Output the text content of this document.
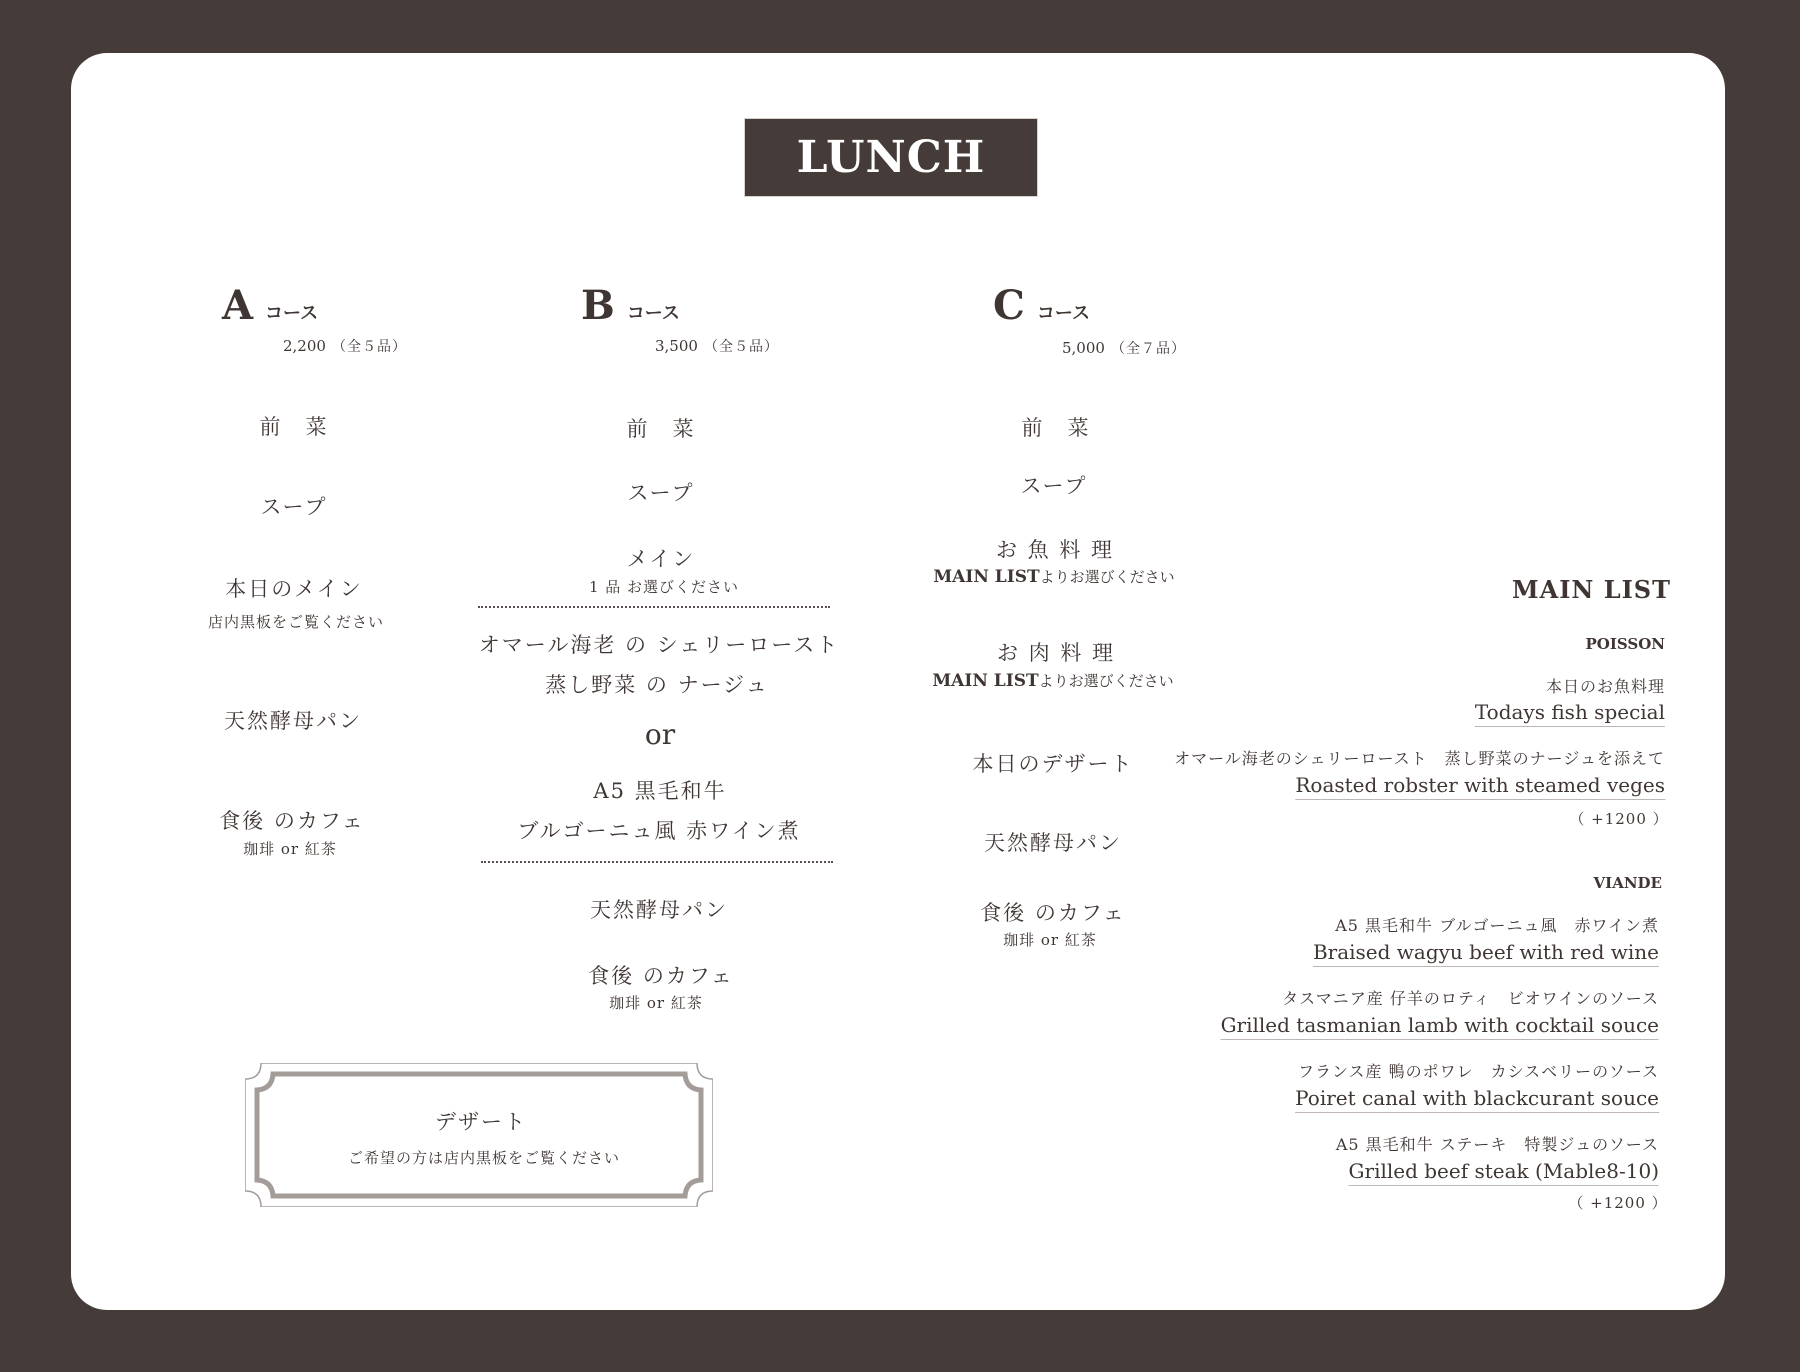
LUNCH
Aコース
2,200 （全５品）
前　菜
スープ
本日のメイン
店内黒板をご覧ください
天然酵母パン
食後 のカフェ
珈琲 or 紅茶
Bコース
3,500 （全５品）
前　菜
スープ
メイン
1 品 お選びください
オマール海老 の シェリーロースト
蒸し野菜 の ナージュ
or
A5 黒毛和牛
ブルゴーニュ風 赤ワイン煮
天然酵母パン
食後 のカフェ
珈琲 or 紅茶
Cコース
5,000 （全７品）
前　菜
スープ
お 魚 料 理
MAIN LISTよりお選びください
お 肉 料 理
MAIN LISTよりお選びください
本日のデザート
天然酵母パン
食後 のカフェ
珈琲 or 紅茶
デザート
ご希望の方は店内黒板をご覧ください
MAIN LIST
POISSON
本日のお魚料理
Todays fish special
オマール海老のシェリーロースト　蒸し野菜のナージュを添えて
Roasted robster with steamed veges
（ +1200 ）
VIANDE
A5 黒毛和牛 ブルゴーニュ風　赤ワイン煮
Braised wagyu beef with red wine
タスマニア産 仔羊のロティ　ビオワインのソース
Grilled tasmanian lamb with cocktail souce
フランス産 鴨のポワレ　カシスベリーのソース
Poiret canal with blackcurant souce
A5 黒毛和牛 ステーキ　特製ジュのソース
Grilled beef steak (Mable8-10)
（ +1200 ）
